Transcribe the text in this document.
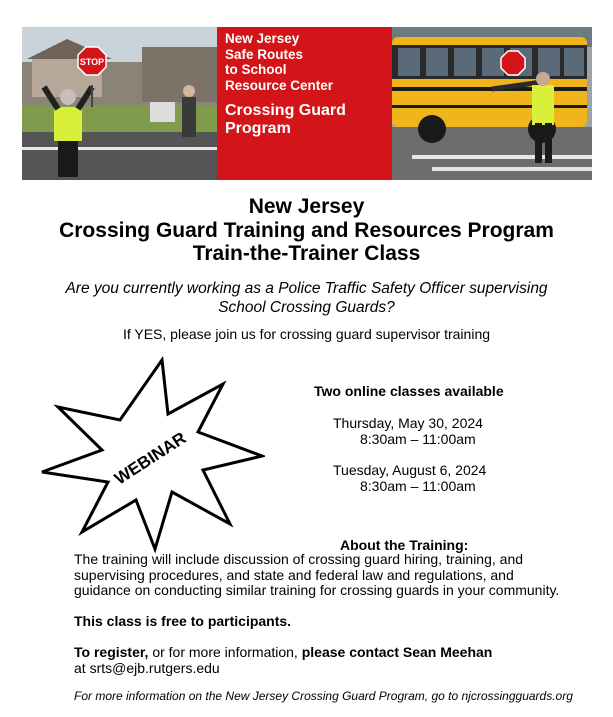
STOP
New Jersey
Safe Routes
to School
Resource Center
Crossing Guard
Program
New Jersey
Crossing Guard Training and Resources Program
Train-the-Trainer Class
Are you currently working as a Police Traffic Safety Officer supervising
School Crossing Guards?
If YES, please join us for crossing guard supervisor training
WEBINAR
Two online classes available
Thursday, May 30, 2024
8:30am – 11:00am
Tuesday, August 6, 2024
8:30am – 11:00am
About the Training:
The training will include discussion of crossing guard hiring, training, and
supervising procedures, and state and federal law and regulations, and
guidance on conducting similar training for crossing guards in your community.
This class is free to participants.
To register, or for more information, please contact Sean Meehan
at srts@ejb.rutgers.edu
For more information on the New Jersey Crossing Guard Program, go to njcrossingguards.org
